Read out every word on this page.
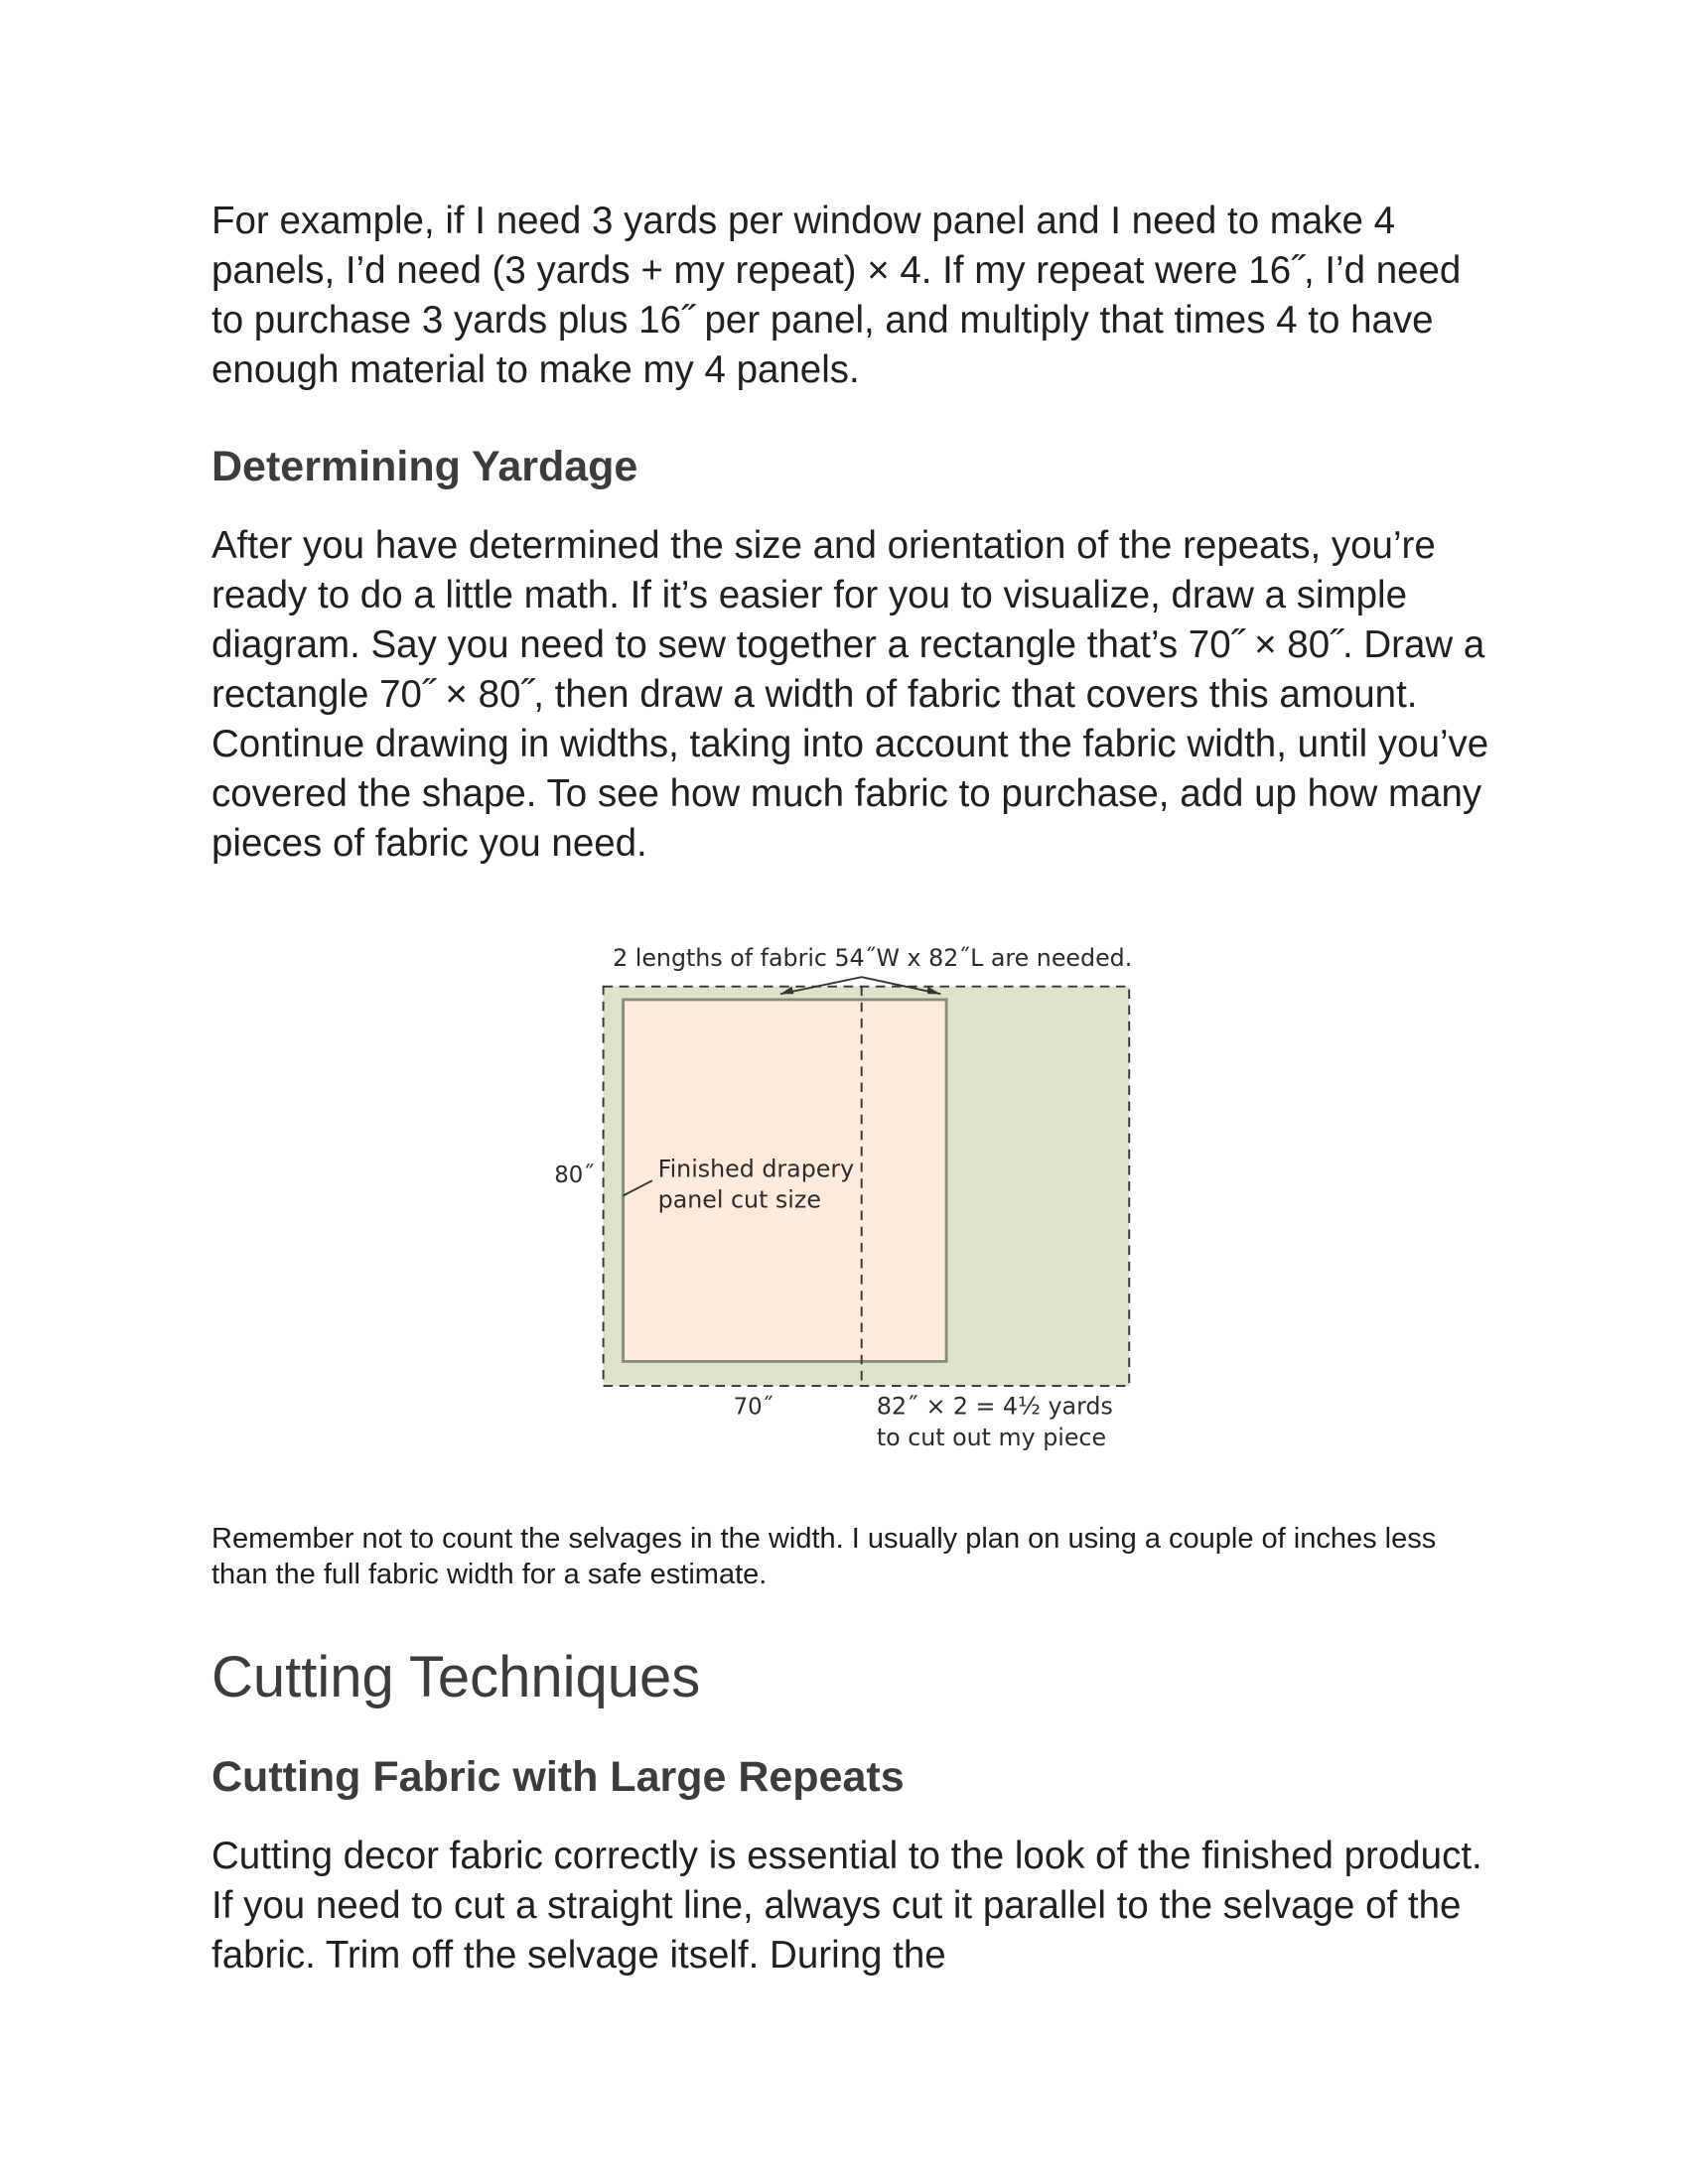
For example, if I need 3 yards per window panel and I need to make 4 panels, I’d need (3 yards + my repeat) × 4. If my repeat were 16˝, I’d need to purchase 3 yards plus 16˝ per panel, and multiply that times 4 to have enough material to make my 4 panels.

Determining Yardage

After you have determined the size and orientation of the repeats, you’re ready to do a little math. If it’s easier for you to visualize, draw a simple diagram. Say you need to sew together a rectangle that’s 70˝ × 80˝. Draw a rectangle 70˝ × 80˝, then draw a width of fabric that covers this amount. Continue drawing in widths, taking into account the fabric width, until you’ve covered the shape. To see how much fabric to purchase, add up how many pieces of fabric you need.

2 lengths of fabric 54˝W x 82˝L are needed.
80˝	Finished drapery
panel cut size
70˝	82˝ × 2 = 4½ yards
to cut out my piece

Remember not to count the selvages in the width. I usually plan on using a couple of inches less than the full fabric width for a safe estimate.

Cutting Techniques
Cutting Fabric with Large Repeats

Cutting decor fabric correctly is essential to the look of the finished product. If you need to cut a straight line, always cut it parallel to the selvage of the fabric. Trim off the selvage itself. During the
